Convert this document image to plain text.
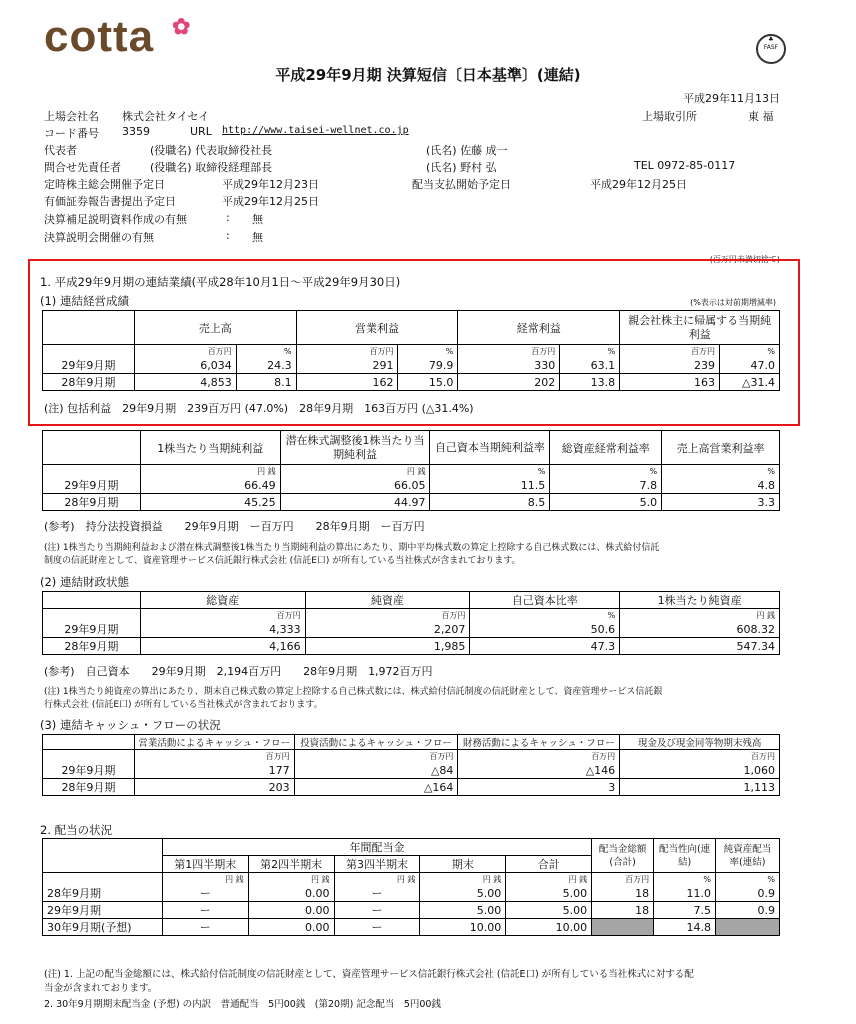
cotta ✿
♣
FASF
平成29年9月期 決算短信〔日本基準〕(連結)
平成29年11月13日
上場会社名 株式会社タイセイ	上場取引所	東 福
コード番号 3359	URL http://www.taisei-wellnet.co.jp
代表者	(役職名) 代表取締役社長	(氏名) 佐藤 成一
問合せ先責任者	(役職名) 取締役経理部長	(氏名) 野村 弘	TEL 0972-85-0117
定時株主総会開催予定日	平成29年12月23日	配当支払開始予定日	平成29年12月25日
有価証券報告書提出予定日	平成29年12月25日
決算補足説明資料作成の有無	: 無
決算説明会開催の有無	: 無
(百万円未満切捨て)
1. 平成29年9月期の連結業績(平成28年10月1日〜平成29年9月30日)
(1) 連結経営成績	(%表示は対前期増減率)
	売上高		営業利益		経常利益		親会社株主に帰属する当期純利益	
	百万円	%	百万円	%	百万円	%	百万円	%
29年9月期	6,034	24.3	291	79.9	330	63.1	239	47.0
28年9月期	4,853	8.1	162	15.0	202	13.8	163	△31.4
(注) 包括利益　29年9月期　239百万円 (47.0%)　28年9月期　163百万円 (△31.4%)
	1株当たり当期純利益	潜在株式調整後1株当たり当期純利益	自己資本当期純利益率	総資産経常利益率	売上高営業利益率
	円 銭	円 銭	%	%	%
29年9月期	66.49	66.05	11.5	7.8	4.8
28年9月期	45.25	44.97	8.5	5.0	3.3
(参考)　持分法投資損益　　29年9月期　ー百万円　　28年9月期　ー百万円
(注) 1株当たり当期純利益および潜在株式調整後1株当たり当期純利益の算出にあたり、期中平均株式数の算定上控除する自己株式数には、株式給付信託
制度の信託財産として、資産管理サービス信託銀行株式会社 (信託E口) が所有している当社株式が含まれております。
(2) 連結財政状態
	総資産	純資産	自己資本比率	1株当たり純資産
	百万円	百万円	%	円 銭
29年9月期	4,333	2,207	50.6	608.32
28年9月期	4,166	1,985	47.3	547.34
(参考)　自己資本　　29年9月期　2,194百万円　　28年9月期　1,972百万円
(注) 1株当たり純資産の算出にあたり、期末自己株式数の算定上控除する自己株式数には、株式給付信託制度の信託財産として、資産管理サービス信託銀
行株式会社 (信託E口) が所有している当社株式が含まれております。
(3) 連結キャッシュ・フローの状況
	営業活動によるキャッシュ・フロー	投資活動によるキャッシュ・フロー	財務活動によるキャッシュ・フロー	現金及び現金同等物期末残高
	百万円	百万円	百万円	百万円
29年9月期	177	△84	△146	1,060
28年9月期	203	△164	3	1,113
2. 配当の状況
	年間配当金					配当金総額(合計)	配当性向(連結)	純資産配当率(連結)
	第1四半期末	第2四半期末	第3四半期末	期末	合計			
	円 銭	円 銭	円 銭	円 銭	円 銭	百万円	%	%
28年9月期	ー	0.00	ー	5.00	5.00	18	11.0	0.9
29年9月期	ー	0.00	ー	5.00	5.00	18	7.5	0.9
30年9月期(予想)	ー	0.00	ー	10.00	10.00		14.8	
(注) 1. 上記の配当金総額には、株式給付信託制度の信託財産として、資産管理サービス信託銀行株式会社 (信託E口) が所有している当社株式に対する配
当金が含まれております。
2. 30年9月期期末配当金 (予想) の内訳　普通配当　5円00銭　(第20期) 記念配当　5円00銭
